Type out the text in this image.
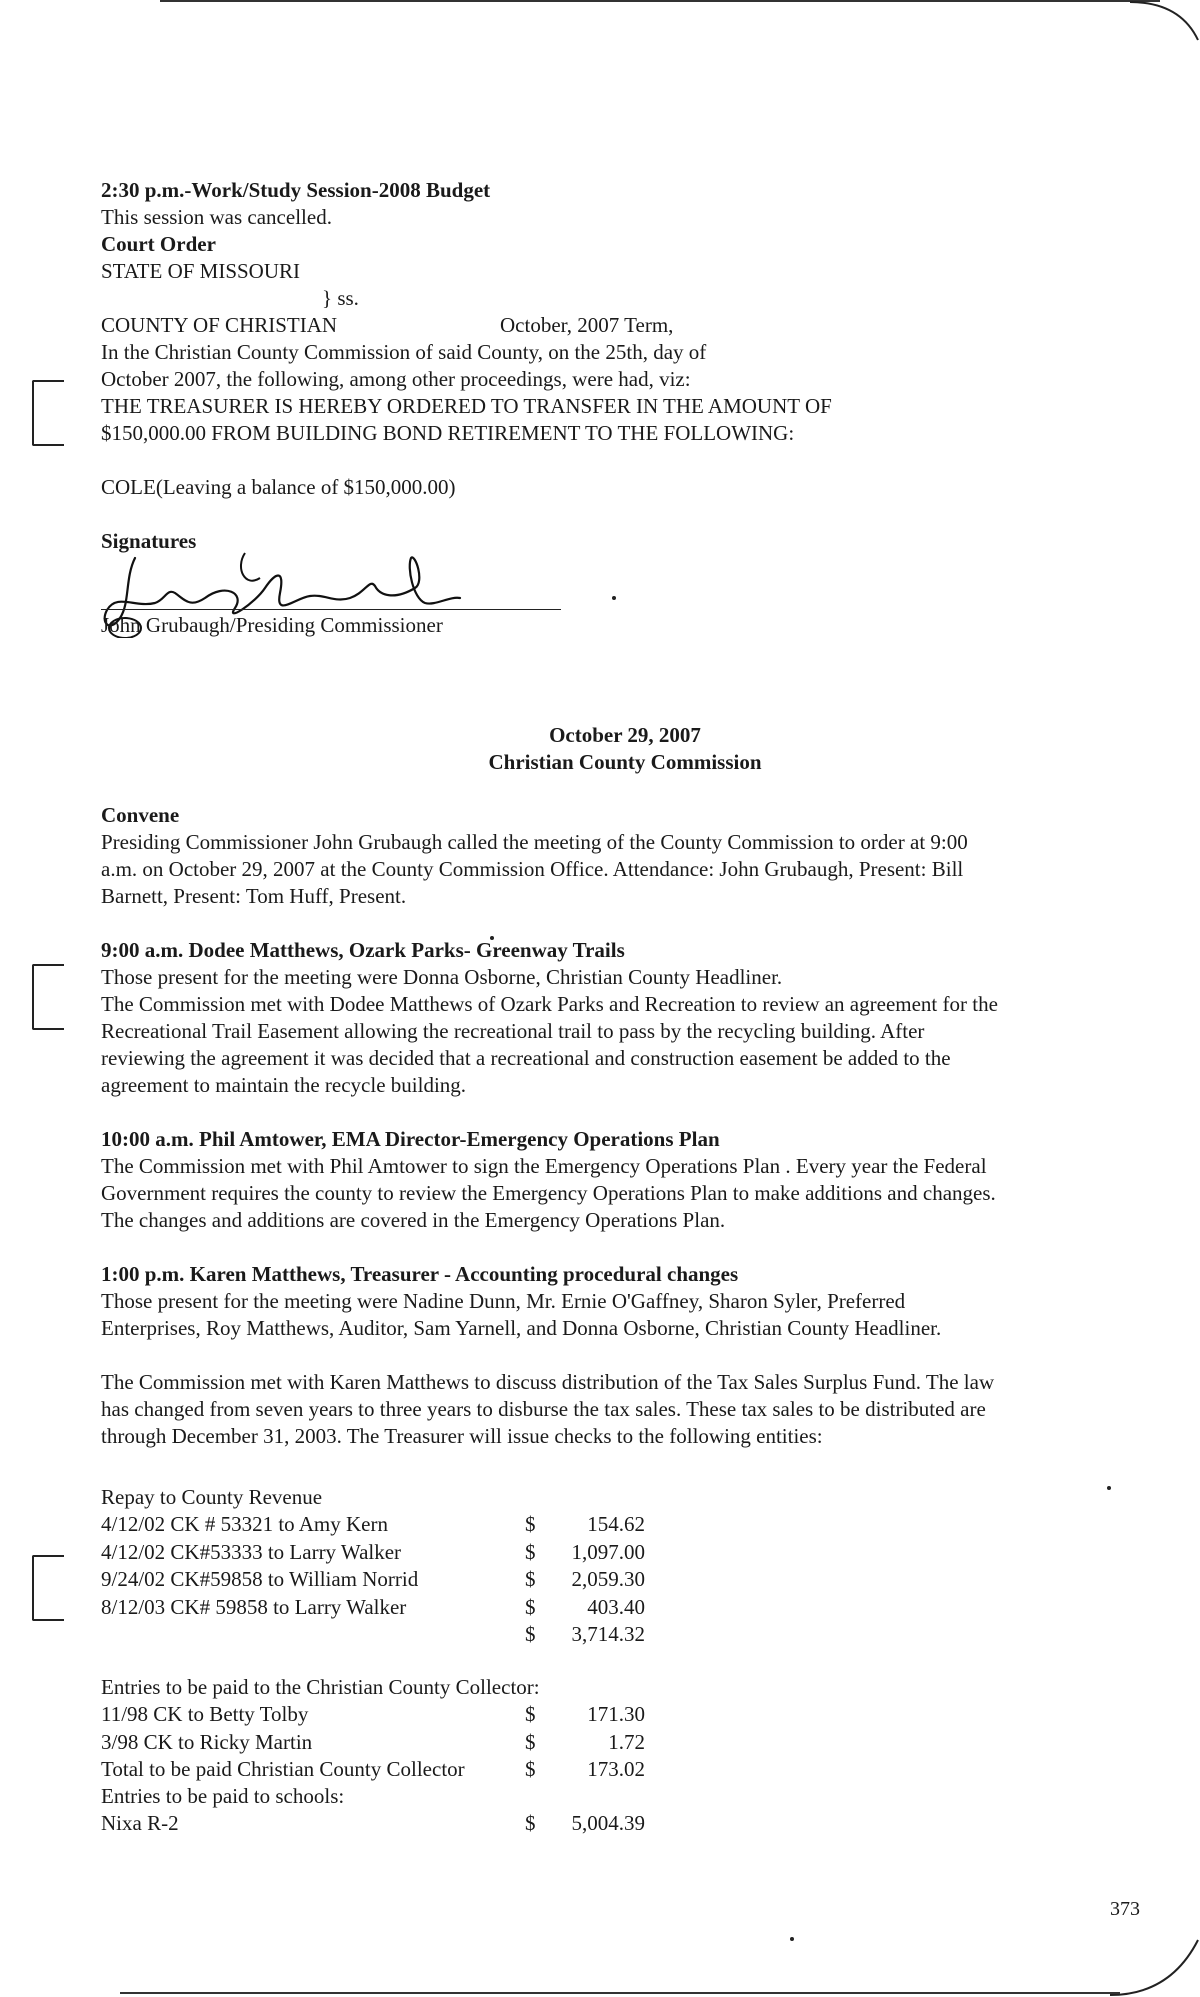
2:30 p.m.-Work/Study Session-2008 Budget
This session was cancelled.
Court Order
STATE OF MISSOURI
} ss.
COUNTY OF CHRISTIAN	October, 2007 Term,
In the Christian County Commission of said County, on the 25th, day of
October 2007, the following, among other proceedings, were had, viz:
THE TREASURER IS HEREBY ORDERED TO TRANSFER IN THE AMOUNT OF
$150,000.00 FROM BUILDING BOND RETIREMENT TO THE FOLLOWING:
COLE(Leaving a balance of $150,000.00)
Signatures
John Grubaugh/Presiding Commissioner
October 29, 2007
Christian County Commission
Convene
Presiding Commissioner John Grubaugh called the meeting of the County Commission to order at 9:00
a.m. on October 29, 2007 at the County Commission Office. Attendance: John Grubaugh, Present: Bill
Barnett, Present: Tom Huff, Present.
9:00 a.m. Dodee Matthews, Ozark Parks- Greenway Trails
Those present for the meeting were Donna Osborne, Christian County Headliner.
The Commission met with Dodee Matthews of Ozark Parks and Recreation to review an agreement for the
Recreational Trail Easement allowing the recreational trail to pass by the recycling building. After
reviewing the agreement it was decided that a recreational and construction easement be added to the
agreement to maintain the recycle building.
10:00 a.m. Phil Amtower, EMA Director-Emergency Operations Plan
The Commission met with Phil Amtower to sign the Emergency Operations Plan . Every year the Federal
Government requires the county to review the Emergency Operations Plan to make additions and changes.
The changes and additions are covered in the Emergency Operations Plan.
1:00 p.m. Karen Matthews, Treasurer - Accounting procedural changes
Those present for the meeting were Nadine Dunn, Mr. Ernie O'Gaffney, Sharon Syler, Preferred
Enterprises, Roy Matthews, Auditor, Sam Yarnell, and Donna Osborne, Christian County Headliner.
The Commission met with Karen Matthews to discuss distribution of the Tax Sales Surplus Fund. The law
has changed from seven years to three years to disburse the tax sales. These tax sales to be distributed are
through December 31, 2003. The Treasurer will issue checks to the following entities:
Repay to County Revenue
4/12/02 CK # 53321 to Amy Kern	$	154.62
4/12/02 CK#53333 to Larry Walker	$	1,097.00
9/24/02 CK#59858 to William Norrid	$	2,059.30
8/12/03 CK# 59858 to Larry Walker	$	403.40
$	3,714.32
Entries to be paid to the Christian County Collector:
11/98 CK to Betty Tolby	$	171.30
3/98 CK to Ricky Martin	$	1.72
Total to be paid Christian County Collector	$	173.02
Entries to be paid to schools:
Nixa R-2	$	5,004.39
373
